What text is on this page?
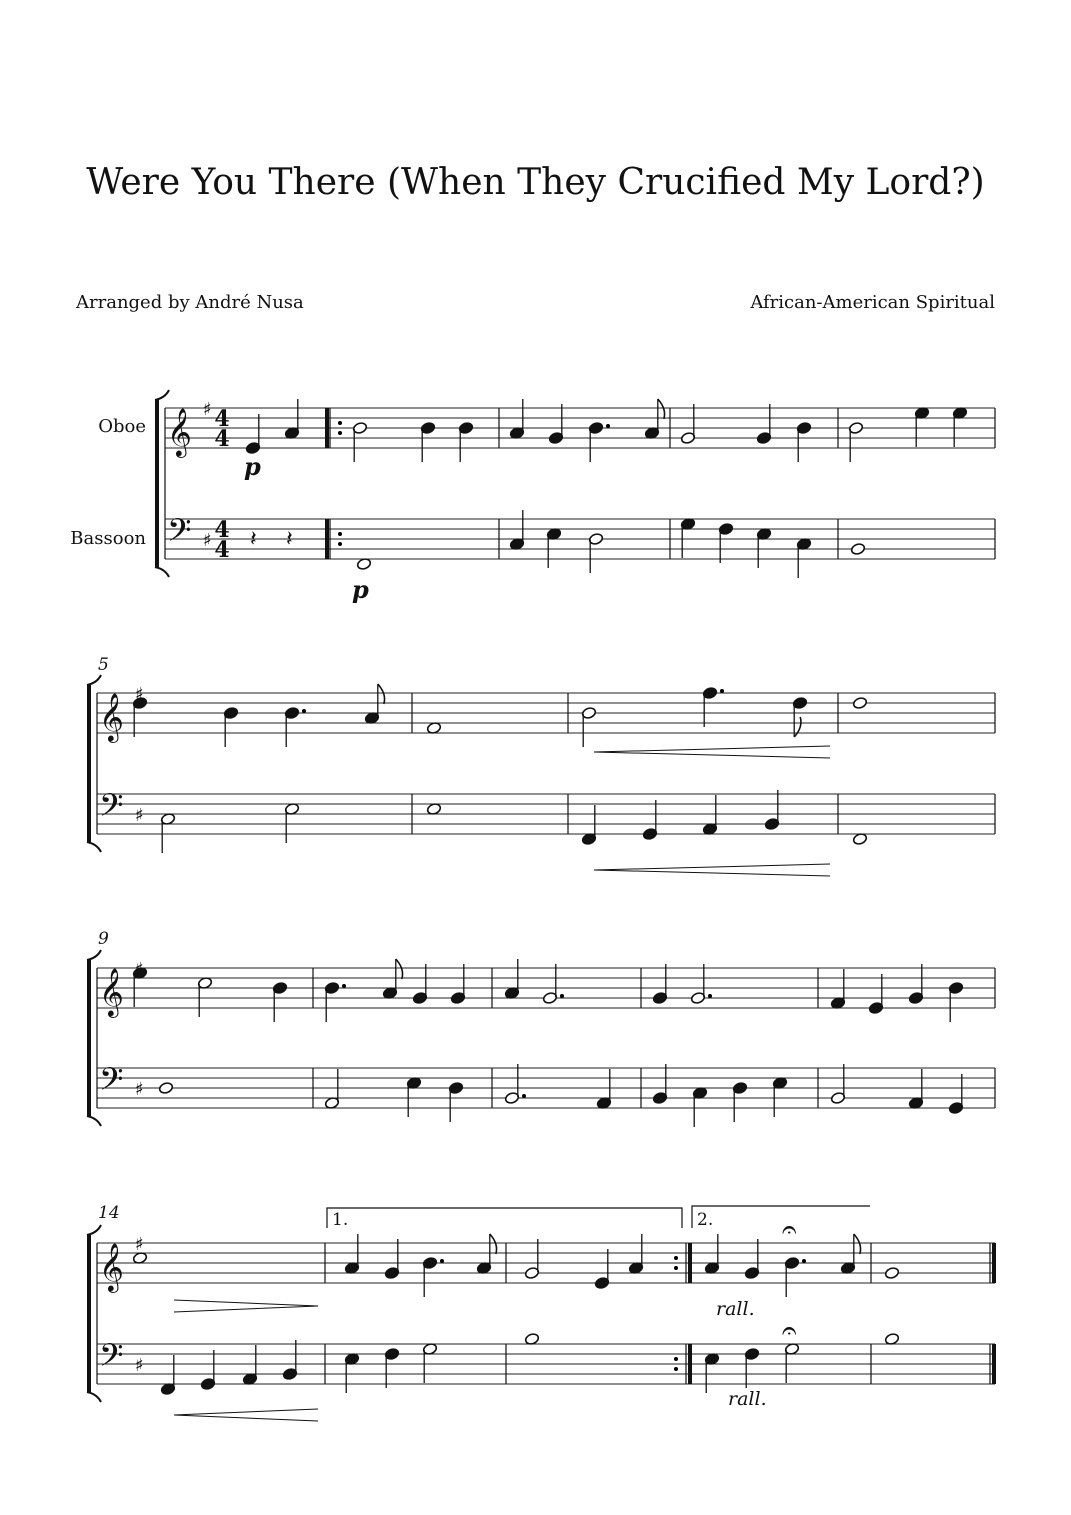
Were You There (When They Crucified My Lord?)
Arranged by André Nusa	African-American Spiritual
𝄞
𝄢
♯
♯
𝄞
𝄢
♯
♯
𝄞
𝄢
♯
♯
𝄞
𝄢
♯
♯
4
4
4
4 𝄽 𝄽
Oboe
Bassoon
p
p
5
9
14	1.	2.	𝄐
𝄐
rall.
rall.
